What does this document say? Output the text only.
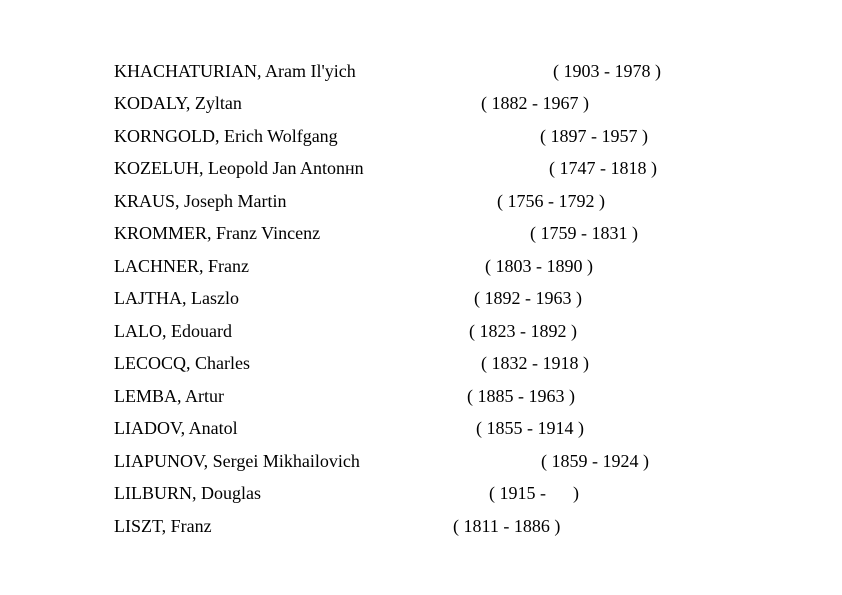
KHACHATURIAN, Aram Il'yich	( 1903 - 1978 )
KODALY, Zyltan	( 1882 - 1967 )
KORNGOLD, Erich Wolfgang	( 1897 - 1957 )
KOZELUH, Leopold Jan Antonнn	( 1747 - 1818 )
KRAUS, Joseph Martin	( 1756 - 1792 )
KROMMER, Franz Vincenz	( 1759 - 1831 )
LACHNER, Franz	( 1803 - 1890 )
LAJTHA, Laszlo	( 1892 - 1963 )
LALO, Edouard	( 1823 - 1892 )
LECOCQ, Charles	( 1832 - 1918 )
LEMBA, Artur	( 1885 - 1963 )
LIADOV, Anatol	( 1855 - 1914 )
LIAPUNOV, Sergei Mikhailovich	( 1859 - 1924 )
LILBURN, Douglas	( 1915 -      )
LISZT, Franz	( 1811 - 1886 )
